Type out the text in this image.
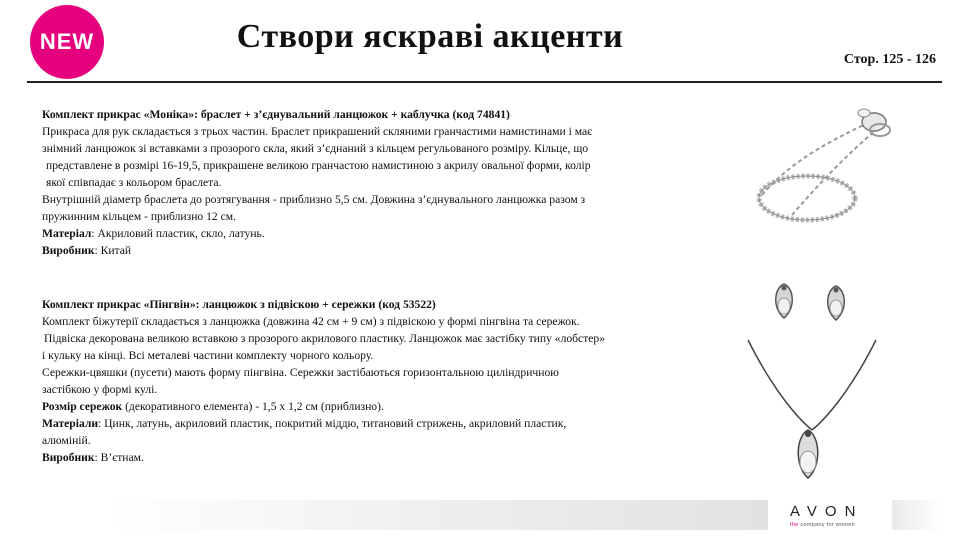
NEW	Створи яскраві акценти
Стор. 125 - 126

Комплект прикрас «Моніка»: браслет + з’єднувальний ланцюжок + каблучка (код 74841)

Прикраса для рук складається з трьох частин. Браслет прикрашений скляними гранчастими намистинами і має

знімний ланцюжок зі вставками з прозорого скла, який з’єднаний з кільцем регульованого розміру. Кільце, що

представлене в розмірі 16-19,5, прикрашене великою гранчастою намистиною з акрилу овальної форми, колір

якої співпадає з кольором браслета.

Внутрішній діаметр браслета до розтягування - приблизно 5,5 см. Довжина з’єднувального ланцюжка разом з

пружинним кільцем - приблизно 12 см.

Матеріал: Акриловий пластик, скло, латунь.

Виробник: Китай

Комплект прикрас «Пінгвін»: ланцюжок з підвіскою + сережки (код 53522)

Комплект біжутерії складається з ланцюжка (довжина 42 см + 9 см) з підвіскою у формі пінгвіна та сережок.

Підвіска декорована великою вставкою з прозорого акрилового пластику. Ланцюжок має застібку типу «лобстер»

і кульку на кінці. Всі металеві частини комплекту чорного кольору.

Сережки-цвяшки (пусети) мають форму пінгвіна. Сережки застібаються горизонтальною циліндричною

застібкою у формі кулі.

Розмір сережок (декоративного елемента) - 1,5 х 1,2 см (приблизно).

Матеріали: Цинк, латунь, акриловий пластик, покритий міддю, титановий стрижень, акриловий пластик,

алюміній.

Виробник: В’єтнам.

AVON
the company for women
